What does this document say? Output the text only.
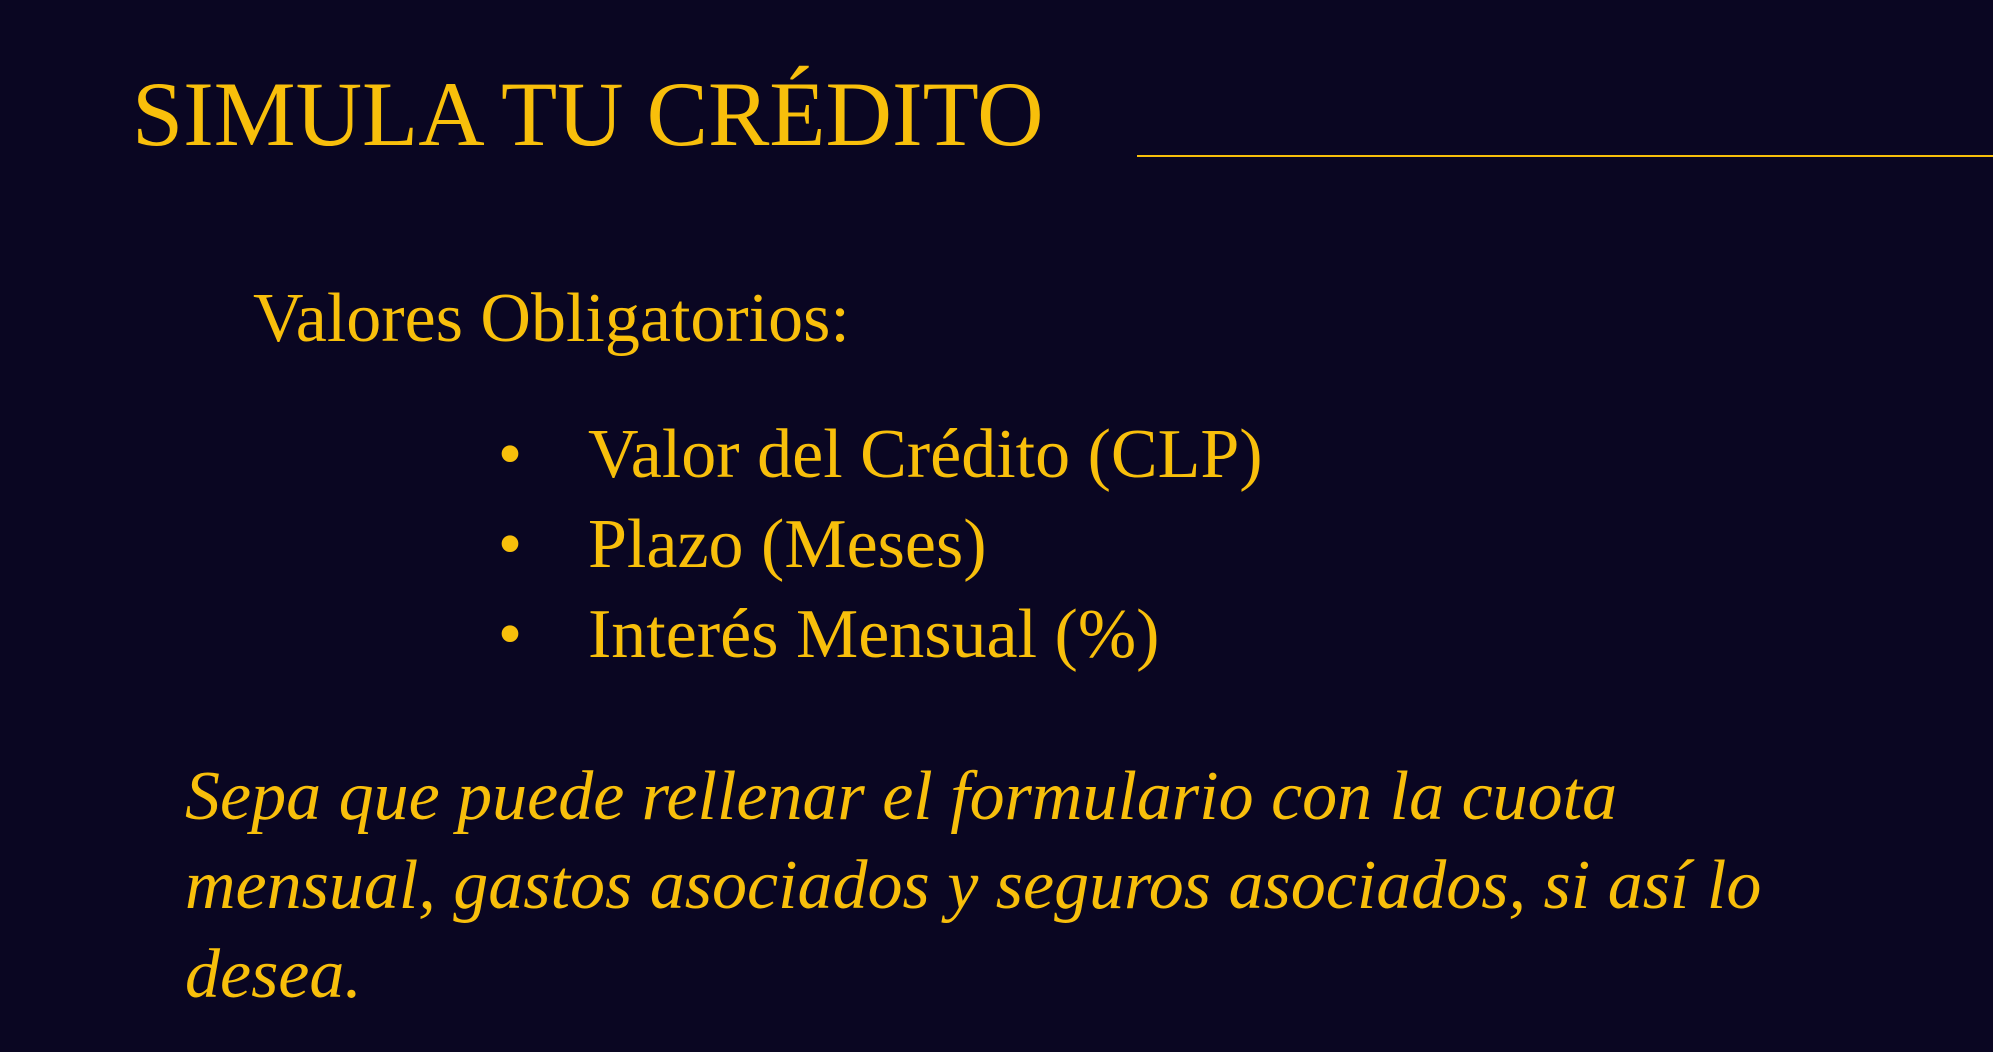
SIMULA TU CRÉDITO
Valores Obligatorios:
• Valor del Crédito (CLP)
• Plazo (Meses)
• Interés Mensual (%)

Sepa que puede rellenar el formulario con la cuota mensual, gastos asociados y seguros asociados, si así lo desea.
